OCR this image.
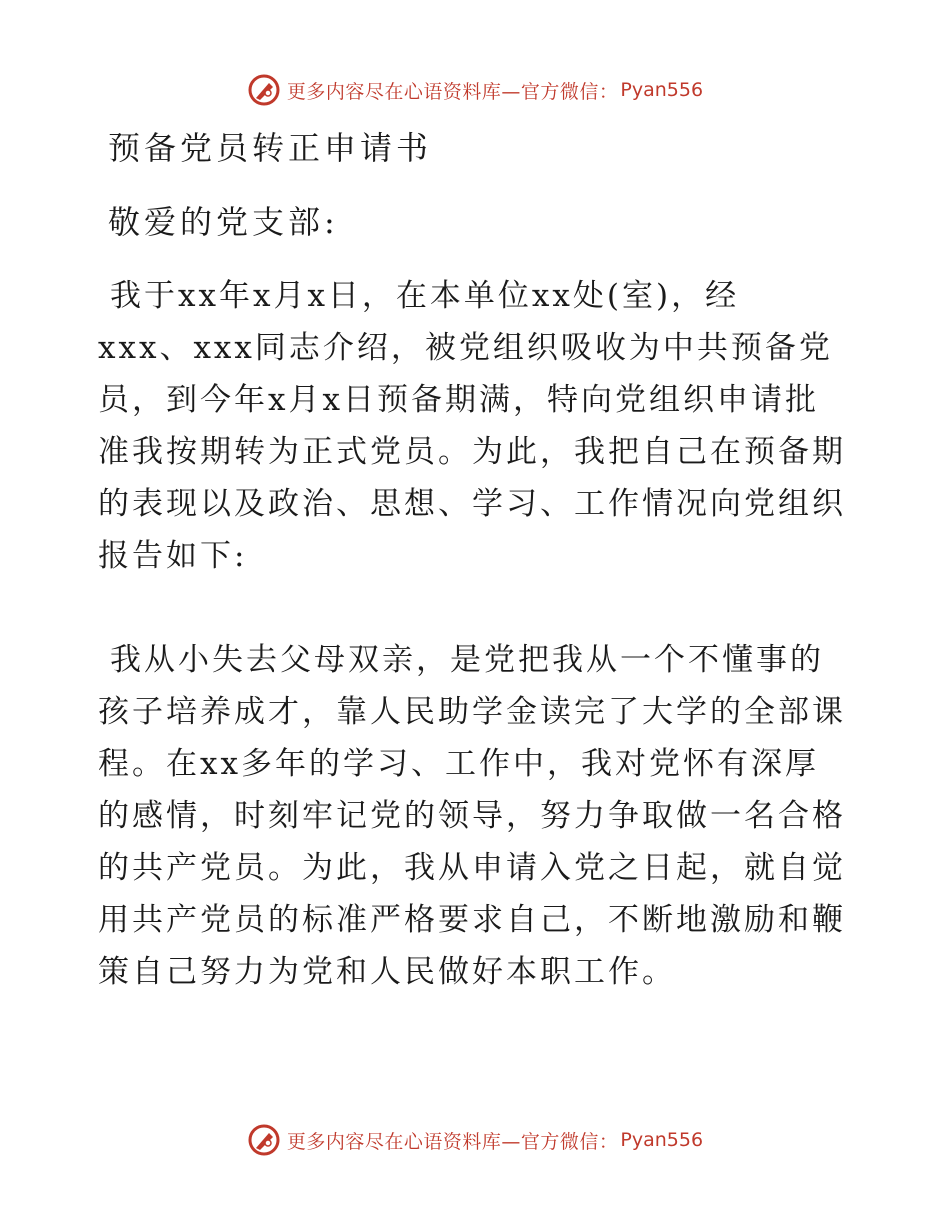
更多内容尽在心语资料库—官方微信： Pyan556
预备党员转正申请书
敬爱的党支部:

我于xx年x月x日，在本单位xx处(室)，经

xxx、xxx同志介绍，被党组织吸收为中共预备党

员，到今年x月x日预备期满，特向党组织申请批

准我按期转为正式党员。为此，我把自己在预备期

的表现以及政治、思想、学习、工作情况向党组织

报告如下:

我从小失去父母双亲，是党把我从一个不懂事的

孩子培养成才，靠人民助学金读完了大学的全部课

程。在xx多年的学习、工作中，我对党怀有深厚

的感情，时刻牢记党的领导，努力争取做一名合格

的共产党员。为此，我从申请入党之日起，就自觉

用共产党员的标准严格要求自己，不断地激励和鞭

策自己努力为党和人民做好本职工作。

更多内容尽在心语资料库—官方微信： Pyan556
